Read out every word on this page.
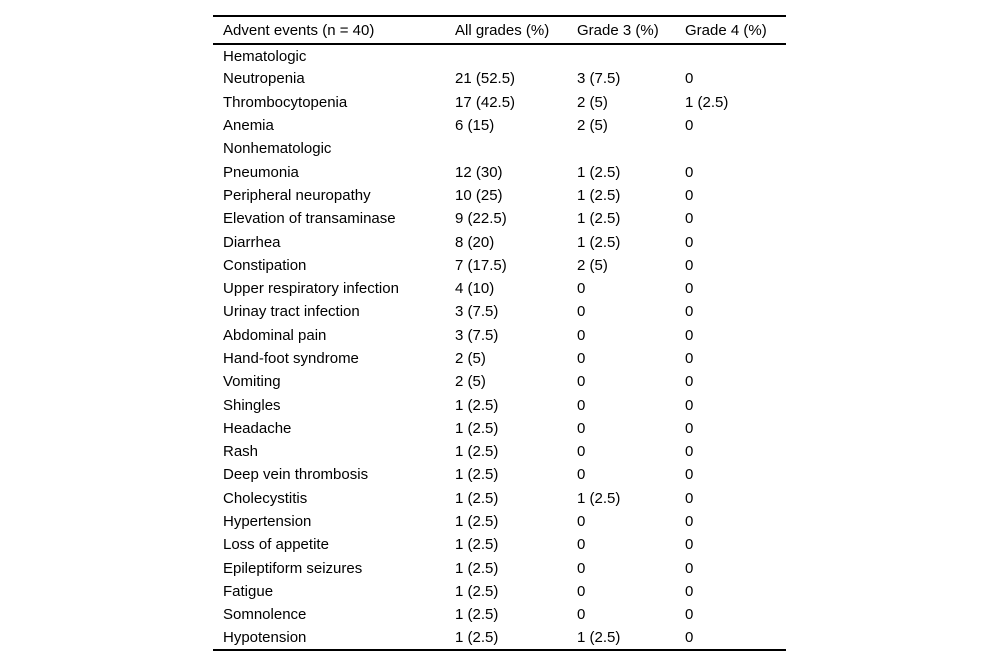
Advent events (n = 40)	All grades (%)	Grade 3 (%)	Grade 4 (%)
Hematologic			
Neutropenia	21 (52.5)	3 (7.5)	0
Thrombocytopenia	17 (42.5)	2 (5)	1 (2.5)
Anemia	6 (15)	2 (5)	0
Nonhematologic			
Pneumonia	12 (30)	1 (2.5)	0
Peripheral neuropathy	10 (25)	1 (2.5)	0
Elevation of transaminase	9 (22.5)	1 (2.5)	0
Diarrhea	8 (20)	1 (2.5)	0
Constipation	7 (17.5)	2 (5)	0
Upper respiratory infection	4 (10)	0	0
Urinay tract infection	3 (7.5)	0	0
Abdominal pain	3 (7.5)	0	0
Hand-foot syndrome	2 (5)	0	0
Vomiting	2 (5)	0	0
Shingles	1 (2.5)	0	0
Headache	1 (2.5)	0	0
Rash	1 (2.5)	0	0
Deep vein thrombosis	1 (2.5)	0	0
Cholecystitis	1 (2.5)	1 (2.5)	0
Hypertension	1 (2.5)	0	0
Loss of appetite	1 (2.5)	0	0
Epileptiform seizures	1 (2.5)	0	0
Fatigue	1 (2.5)	0	0
Somnolence	1 (2.5)	0	0
Hypotension	1 (2.5)	1 (2.5)	0
